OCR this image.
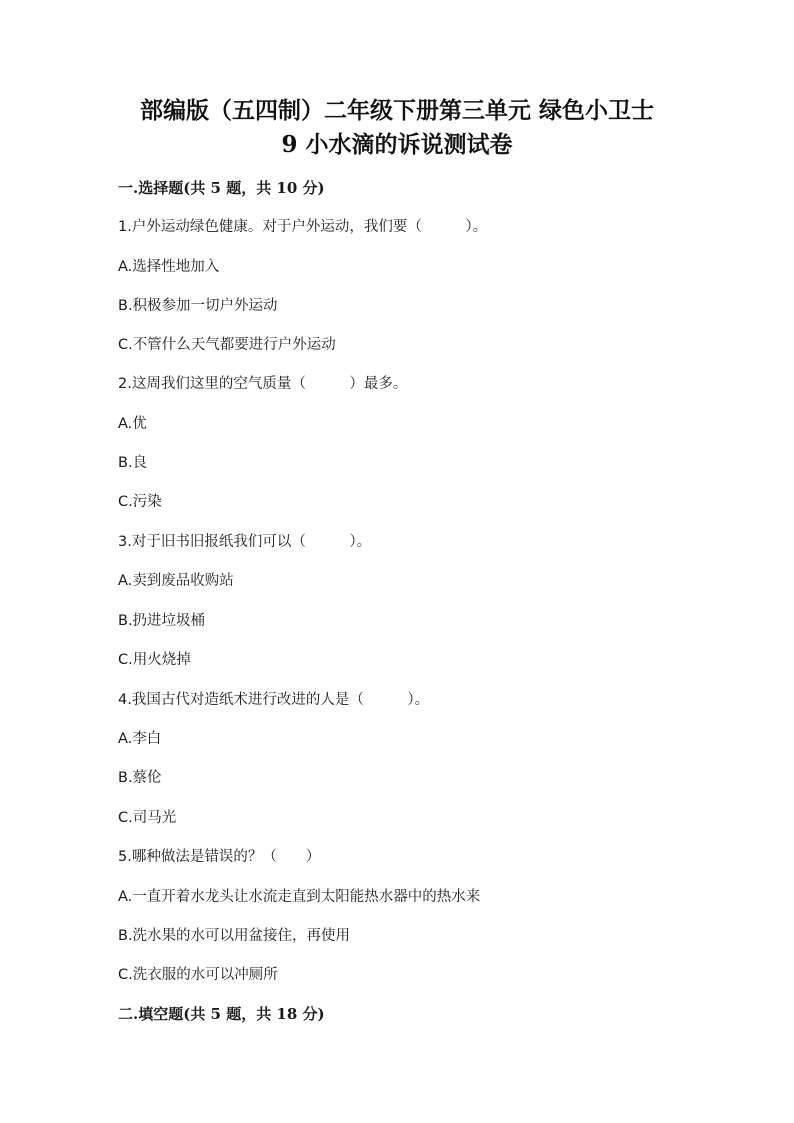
部编版（五四制）二年级下册第三单元 绿色小卫士
9 小水滴的诉说测试卷
一.选择题(共 5 题，共 10 分)
1.户外运动绿色健康。对于户外运动，我们要（　　　）。
A.选择性地加入
B.积极参加一切户外运动
C.不管什么天气都要进行户外运动
2.这周我们这里的空气质量（　　　）最多。
A.优
B.良
C.污染
3.对于旧书旧报纸我们可以（　　　）。
A.卖到废品收购站
B.扔进垃圾桶
C.用火烧掉
4.我国古代对造纸术进行改进的人是（　　　）。
A.李白
B.蔡伦
C.司马光
5.哪种做法是错误的？（　　）
A.一直开着水龙头让水流走直到太阳能热水器中的热水来
B.洗水果的水可以用盆接住，再使用
C.洗衣服的水可以冲厕所
二.填空题(共 5 题，共 18 分)
